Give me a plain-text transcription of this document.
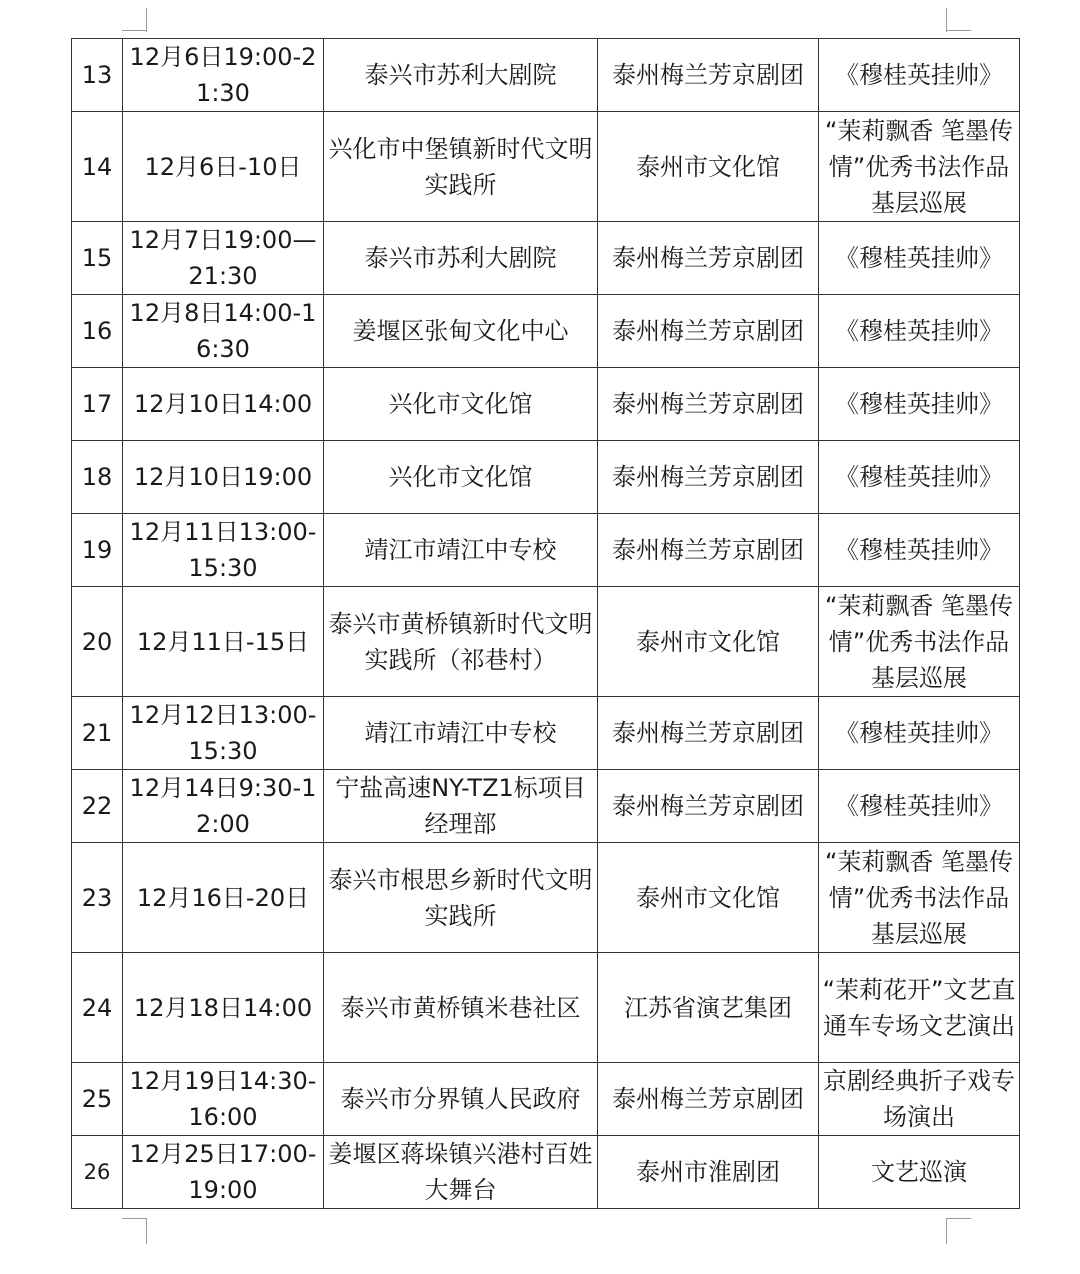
13	12月6日19:00-21:30	泰兴市苏利大剧院	泰州梅兰芳京剧团	《穆桂英挂帅》
14	12月6日-10日	兴化市中堡镇新时代文明实践所	泰州市文化馆	“茉莉飘香 笔墨传情”优秀书法作品基层巡展
15	12月7日19:00—21:30	泰兴市苏利大剧院	泰州梅兰芳京剧团	《穆桂英挂帅》
16	12月8日14:00-16:30	姜堰区张甸文化中心	泰州梅兰芳京剧团	《穆桂英挂帅》
17	12月10日14:00	兴化市文化馆	泰州梅兰芳京剧团	《穆桂英挂帅》
18	12月10日19:00	兴化市文化馆	泰州梅兰芳京剧团	《穆桂英挂帅》
19	12月11日13:00-15:30	靖江市靖江中专校	泰州梅兰芳京剧团	《穆桂英挂帅》
20	12月11日-15日	泰兴市黄桥镇新时代文明实践所（祁巷村）	泰州市文化馆	“茉莉飘香 笔墨传情”优秀书法作品基层巡展
21	12月12日13:00-15:30	靖江市靖江中专校	泰州梅兰芳京剧团	《穆桂英挂帅》
22	12月14日9:30-12:00	宁盐高速NY-TZ1标项目经理部	泰州梅兰芳京剧团	《穆桂英挂帅》
23	12月16日-20日	泰兴市根思乡新时代文明实践所	泰州市文化馆	“茉莉飘香 笔墨传情”优秀书法作品基层巡展
24	12月18日14:00	泰兴市黄桥镇米巷社区	江苏省演艺集团	“茉莉花开”文艺直通车专场文艺演出
25	12月19日14:30-16:00	泰兴市分界镇人民政府	泰州梅兰芳京剧团	京剧经典折子戏专场演出
26	12月25日17:00-19:00	姜堰区蒋垛镇兴港村百姓大舞台	泰州市淮剧团	文艺巡演
